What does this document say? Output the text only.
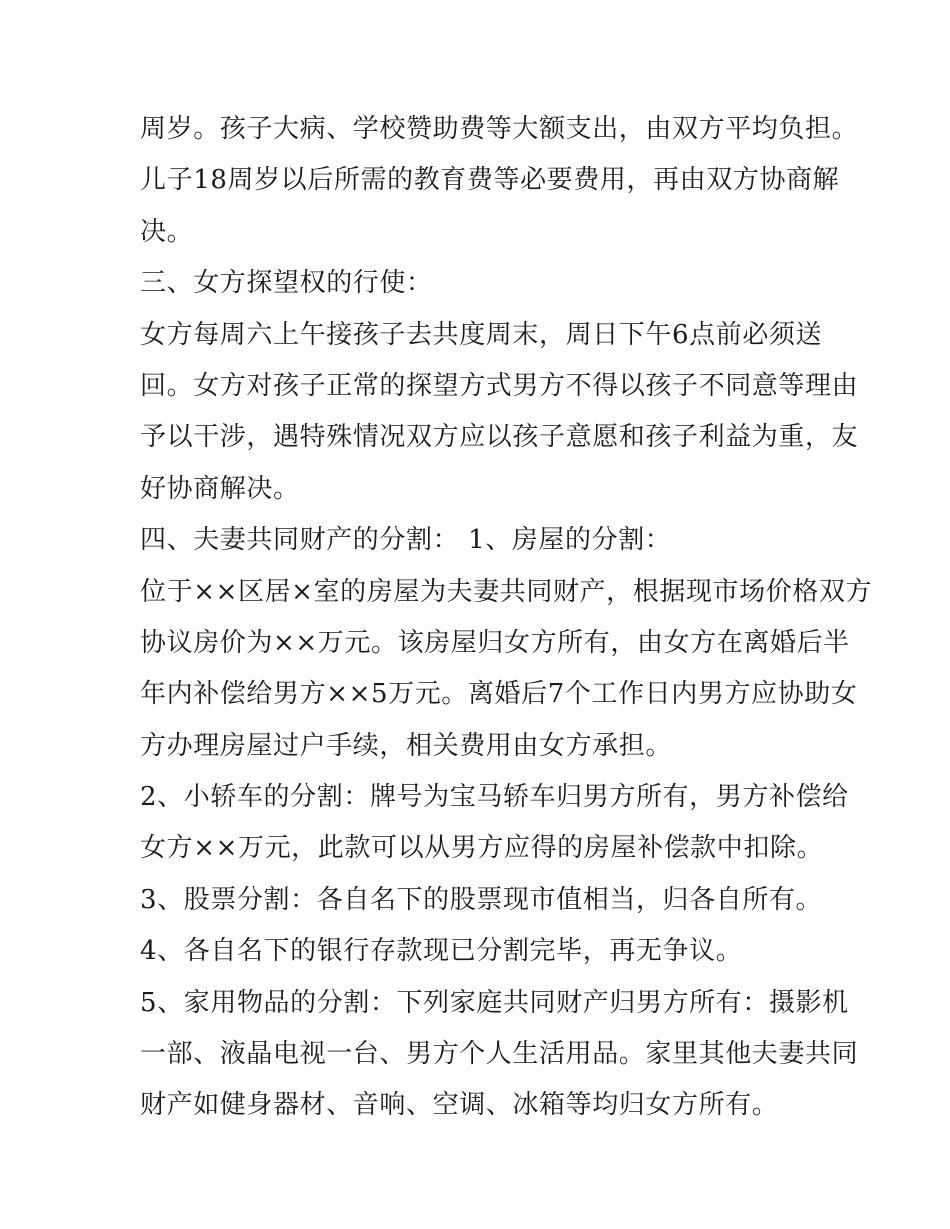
周岁。孩子大病、学校赞助费等大额支出，由双方平均负担。
儿子18周岁以后所需的教育费等必要费用，再由双方协商解
决。
三、女方探望权的行使：
女方每周六上午接孩子去共度周末，周日下午6点前必须送
回。女方对孩子正常的探望方式男方不得以孩子不同意等理由
予以干涉，遇特殊情况双方应以孩子意愿和孩子利益为重，友
好协商解决。
四、夫妻共同财产的分割： 1、房屋的分割：
位于××区居×室的房屋为夫妻共同财产，根据现市场价格双方
协议房价为××万元。该房屋归女方所有，由女方在离婚后半
年内补偿给男方××5万元。离婚后7个工作日内男方应协助女
方办理房屋过户手续，相关费用由女方承担。
2、小轿车的分割：牌号为宝马轿车归男方所有，男方补偿给
女方××万元，此款可以从男方应得的房屋补偿款中扣除。
3、股票分割：各自名下的股票现市值相当，归各自所有。
4、各自名下的银行存款现已分割完毕，再无争议。
5、家用物品的分割：下列家庭共同财产归男方所有：摄影机
一部、液晶电视一台、男方个人生活用品。家里其他夫妻共同
财产如健身器材、音响、空调、冰箱等均归女方所有。
